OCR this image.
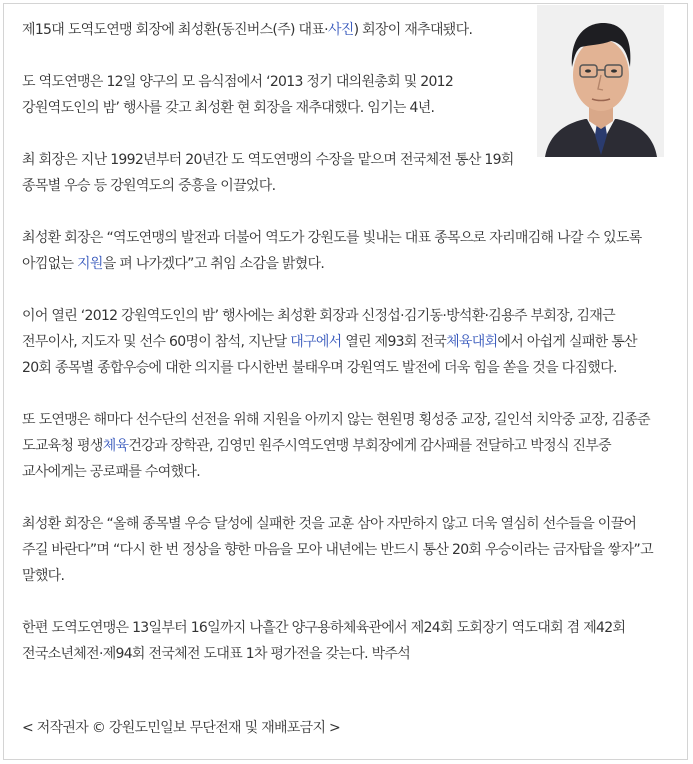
제15대 도역도연맹 회장에 최성환(동진버스(주) 대표·사진) 회장이 재추대됐다.

도 역도연맹은 12일 양구의 모 음식점에서 ‘2013 정기 대의원총회 및 2012 강원역도인의 밤’ 행사를 갖고 최성환 현 회장을 재추대했다. 임기는 4년.

최 회장은 지난 1992년부터 20년간 도 역도연맹의 수장을 맡으며 전국체전 통산 19회 종목별 우승 등 강원역도의 중흥을 이끌었다.

최성환 회장은 “역도연맹의 발전과 더불어 역도가 강원도를 빛내는 대표 종목으로 자리매김해 나갈 수 있도록 아낌없는 지원을 펴 나가겠다”고 취임 소감을 밝혔다.

이어 열린 ‘2012 강원역도인의 밤’ 행사에는 최성환 회장과 신정섭·김기동·방석환·김용주 부회장, 김재근 전무이사, 지도자 및 선수 60명이 참석, 지난달 대구에서 열린 제93회 전국체육대회에서 아쉽게 실패한 통산 20회 종목별 종합우승에 대한 의지를 다시한번 불태우며 강원역도 발전에 더욱 힘을 쏟을 것을 다짐했다.

또 도연맹은 해마다 선수단의 선전을 위해 지원을 아끼지 않는 현원명 횡성중 교장, 길인석 치악중 교장, 김종준 도교육청 평생체육건강과 장학관, 김영민 원주시역도연맹 부회장에게 감사패를 전달하고 박정식 진부중 교사에게는 공로패를 수여했다.

최성환 회장은 “올해 종목별 우승 달성에 실패한 것을 교훈 삼아 자만하지 않고 더욱 열심히 선수들을 이끌어 주길 바란다”며 “다시 한 번 정상을 향한 마음을 모아 내년에는 반드시 통산 20회 우승이라는 금자탑을 쌓자”고 말했다.

한편 도역도연맹은 13일부터 16일까지 나흘간 양구용하체육관에서 제24회 도회장기 역도대회 겸 제42회 전국소년체전·제94회 전국체전 도대표 1차 평가전을 갖는다. 박주석

< 저작권자 © 강원도민일보 무단전재 및 재배포금지 >
